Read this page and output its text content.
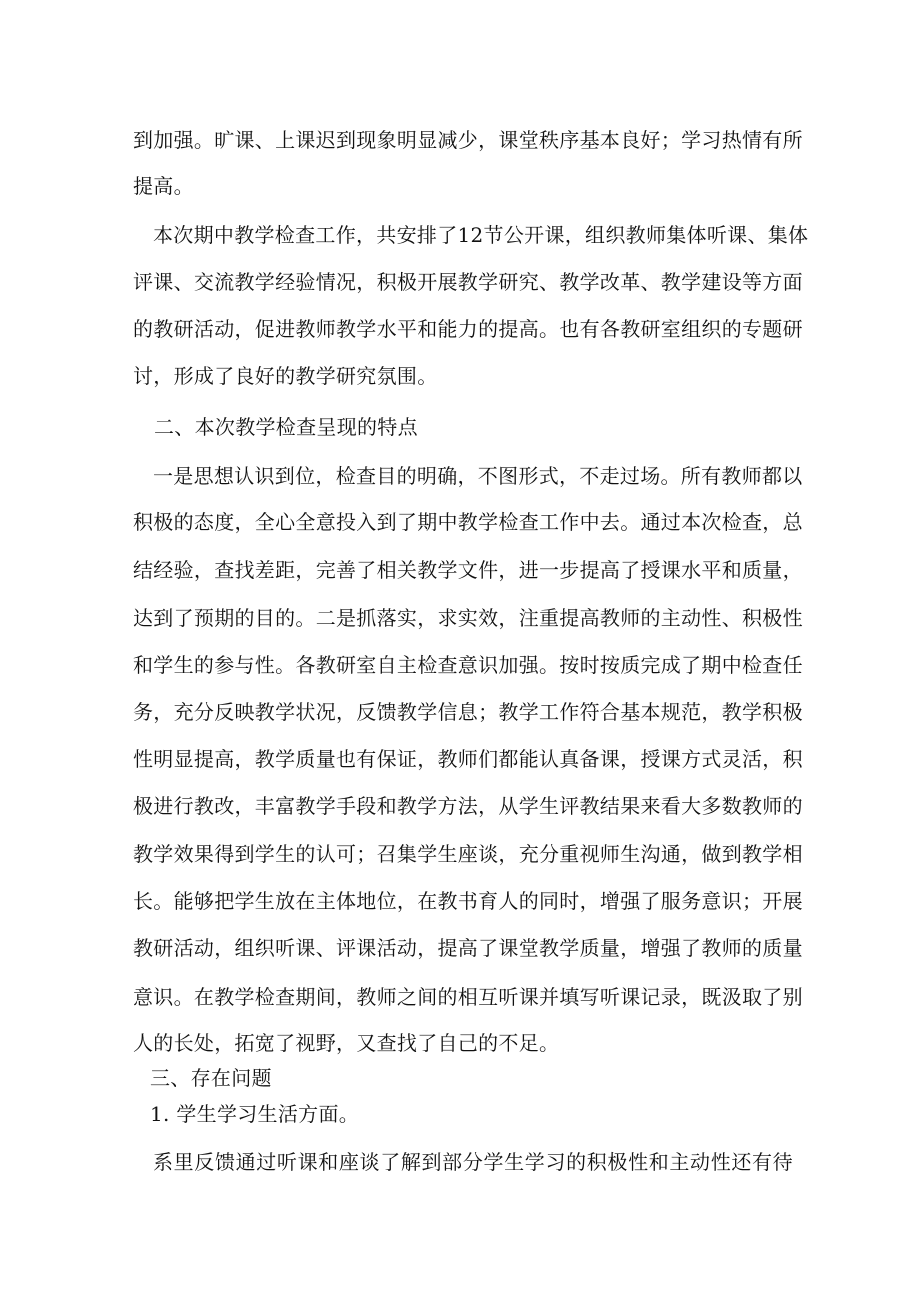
到加强。旷课、上课迟到现象明显减少，课堂秩序基本良好；学习热情有所
提高。
本次期中教学检查工作，共安排了12节公开课，组织教师集体听课、集体
评课、交流教学经验情况，积极开展教学研究、教学改革、教学建设等方面
的教研活动，促进教师教学水平和能力的提高。也有各教研室组织的专题研
讨，形成了良好的教学研究氛围。
二、本次教学检查呈现的特点
一是思想认识到位，检查目的明确，不图形式，不走过场。所有教师都以
积极的态度，全心全意投入到了期中教学检查工作中去。通过本次检查，总
结经验，查找差距，完善了相关教学文件，进一步提高了授课水平和质量，
达到了预期的目的。二是抓落实，求实效，注重提高教师的主动性、积极性
和学生的参与性。各教研室自主检查意识加强。按时按质完成了期中检查任
务，充分反映教学状况，反馈教学信息；教学工作符合基本规范，教学积极
性明显提高，教学质量也有保证，教师们都能认真备课，授课方式灵活，积
极进行教改，丰富教学手段和教学方法，从学生评教结果来看大多数教师的
教学效果得到学生的认可；召集学生座谈，充分重视师生沟通，做到教学相
长。能够把学生放在主体地位，在教书育人的同时，增强了服务意识；开展
教研活动，组织听课、评课活动，提高了课堂教学质量，增强了教师的质量
意识。在教学检查期间，教师之间的相互听课并填写听课记录，既汲取了别
人的长处，拓宽了视野，又查找了自己的不足。
三、存在问题
1. 学生学习生活方面。
系里反馈通过听课和座谈了解到部分学生学习的积极性和主动性还有待
